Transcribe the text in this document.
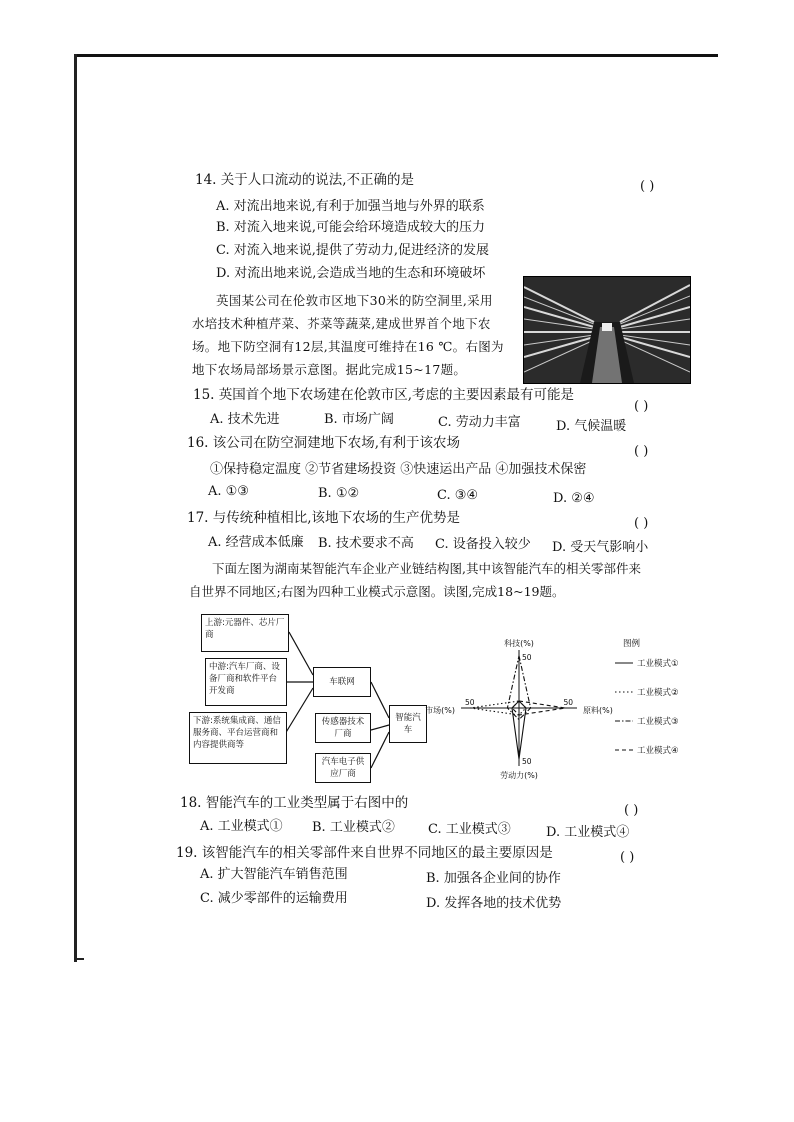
14. 关于人口流动的说法,不正确的是	( )
A. 对流出地来说,有利于加强当地与外界的联系
B. 对流入地来说,可能会给环境造成较大的压力
C. 对流入地来说,提供了劳动力,促进经济的发展
D. 对流出地来说,会造成当地的生态和环境破坏
英国某公司在伦敦市区地下30米的防空洞里,采用
水培技术种植芹菜、芥菜等蔬菜,建成世界首个地下农
场。地下防空洞有12层,其温度可维持在16 ℃。右图为
地下农场局部场景示意图。据此完成15~17题。
15. 英国首个地下农场建在伦敦市区,考虑的主要因素最有可能是
( )
A. 技术先进	B. 市场广阔	C. 劳动力丰富	D. 气候温暖
16. 该公司在防空洞建地下农场,有利于该农场
( )
①保持稳定温度 ②节省建场投资 ③快速运出产品 ④加强技术保密
A. ①③	B. ①②	C. ③④	D. ②④
17. 与传统种植相比,该地下农场的生产优势是	( )
A. 经营成本低廉 B. 技术要求不高 C. 设备投入较少 D. 受天气影响小
下面左图为湖南某智能汽车企业产业链结构图,其中该智能汽车的相关零部件来
自世界不同地区;右图为四种工业模式示意图。读图,完成18~19题。
上游:元器件、芯片厂商
中游:汽车厂商、设备厂商和软件平台开发商
下游:系统集成商、通信服务商、平台运营商和内容提供商等
车联网
传感器技术厂商
汽车电子供应厂商
智能汽车
科技(%)
原料(%)
劳动力(%)
市场(%)
50
50
50
50
图例
工业模式①
工业模式②
工业模式③
工业模式④
18. 智能汽车的工业类型属于右图中的	( )
A. 工业模式① B. 工业模式②	C. 工业模式③	D. 工业模式④
19. 该智能汽车的相关零部件来自世界不同地区的最主要原因是	( )
A. 扩大智能汽车销售范围	B. 加强各企业间的协作
C. 减少零部件的运输费用	D. 发挥各地的技术优势
